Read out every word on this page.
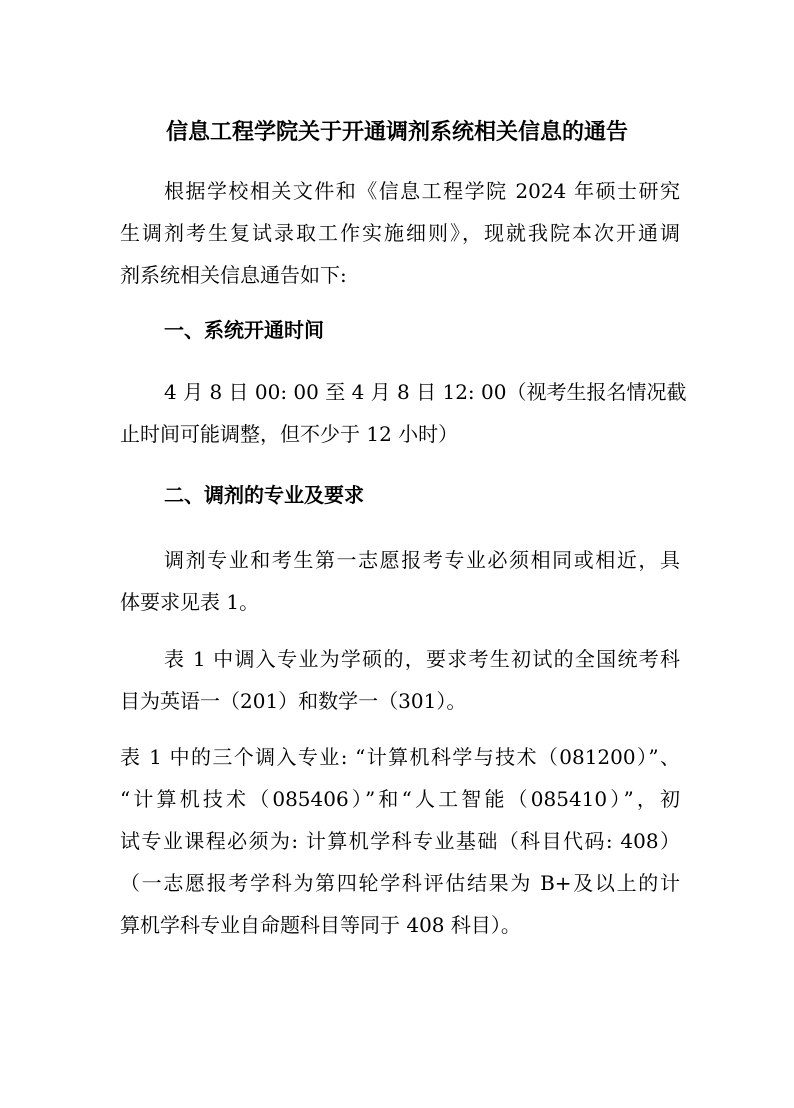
信息工程学院关于开通调剂系统相关信息的通告
根据学校相关文件和《信息工程学院 2024 年硕士研究
生调剂考生复试录取工作实施细则》，现就我院本次开通调
剂系统相关信息通告如下:
一、系统开通时间
4 月 8 日 00: 00 至 4 月 8 日 12: 00（视考生报名情况截
止时间可能调整，但不少于 12 小时）
二、调剂的专业及要求
调剂专业和考生第一志愿报考专业必须相同或相近，具
体要求见表 1。
表 1 中调入专业为学硕的，要求考生初试的全国统考科
目为英语一（201）和数学一（301）。
表 1 中的三个调入专业: “计算机科学与技术（081200）”、
“计算机技术（085406）”和“人工智能（085410）”，初
试专业课程必须为: 计算机学科专业基础（科目代码: 408）
（一志愿报考学科为第四轮学科评估结果为 B+及以上的计
算机学科专业自命题科目等同于 408 科目）。
